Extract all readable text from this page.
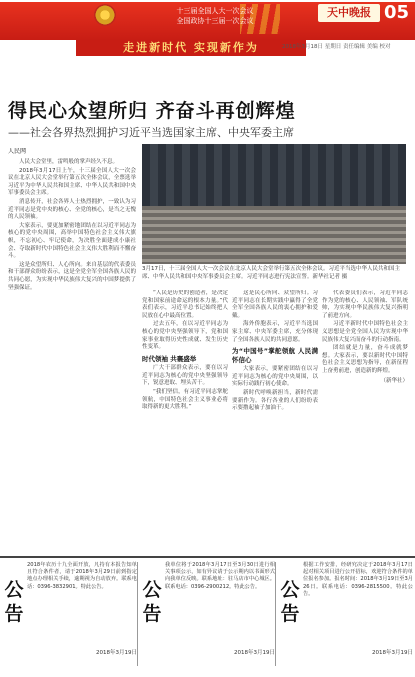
十三届全国人大一次会议
全国政协十三届一次会议
天中晚报 05
走进新时代 实现新作为	2018年3月18日 星期日 责任编辑 美编 校对
得民心众望所归 齐奋斗再创辉煌
——社会各界热烈拥护习近平当选国家主席、中央军委主席
3月17日，十三届全国人大一次会议在北京人民大会堂举行第五次全体会议。习近平当选中华人民共和国主席、中华人民共和国中央军事委员会主席。习近平同志进行宪法宣誓。新华社记者 摄
人民网

人民大会堂里，雷鸣般的掌声经久不息。

2018年3月17日上午，十三届全国人大一次会议在北京人民大会堂举行第五次全体会议，全票选举习近平为中华人民共和国主席、中华人民共和国中央军事委员会主席。

消息传开，社会各界人士热烈拥护，一致认为习近平同志是党中央的核心、全党的核心，是当之无愧的人民领袖。

大家表示，要更加紧密地团结在以习近平同志为核心的党中央周围，高举中国特色社会主义伟大旗帜，不忘初心、牢记使命，为决胜全面建成小康社会、夺取新时代中国特色社会主义伟大胜利而不懈奋斗。

这是众望所归、人心所向。来自基层的代表委员和干部群众纷纷表示，这是全党全军全国各族人民的共同心愿，为实现中华民族伟大复兴的中国梦提供了坚强保证。

“人民是历史的创造者，是决定党和国家前途命运的根本力量。”代表们表示，习近平总书记始终把人民放在心中最高位置。

过去五年，在以习近平同志为核心的党中央坚强领导下，党和国家事业取得历史性成就、发生历史性变革。

时代领袖 共襄盛举

广大干部群众表示，要在以习近平同志为核心的党中央坚强领导下，锐意进取、埋头苦干。

“我们坚信，有习近平同志掌舵领航，中国特色社会主义事业必将取得新的更大胜利。”

这是民心所向、众望所归。习近平同志在长期实践中赢得了全党全军全国各族人民的衷心拥护和爱戴。

海外侨胞表示，习近平当选国家主席、中央军委主席，充分体现了全国各族人民的共同意愿。

为“中国号”掌舵领航 人民满怀信心

大家表示，要紧密团结在以习近平同志为核心的党中央周围，以实际行动践行初心使命。

新时代呼唤新担当，新时代需要新作为。各行各业的人们纷纷表示要撸起袖子加油干。

代表委员们表示，习近平同志作为党的核心、人民领袖、军队统帅，为实现中华民族伟大复兴指明了前进方向。

习近平新时代中国特色社会主义思想是全党全国人民为实现中华民族伟大复兴而奋斗的行动指南。

团结就是力量，奋斗成就梦想。大家表示，要以新时代中国特色社会主义思想为指导，在新征程上奋勇前进，创造新的辉煌。

（新华社）
公告
2018年农历十九全面开放，凡持有本报告知单且符合条件者，请于2018年3月29日前到指定地点办理相关手续，逾期视为自动放弃。联系电话：0396-3832901。特此公告。
2018年3月19日
公告
我单位将于2018年3月17日至3月30日进行相关事项公示，如有异议请于公示期内以书面形式向我单位反映。联系地址：驻马店市中心城区。联系电话：0396-2900212。特此公告。
2018年3月19日
公告
根据工作安排，经研究决定于2018年3月17日起对相关项目进行公开招标，欢迎符合条件的单位报名参加。报名时间：2018年3月19日至3月26日。联系电话：0396-2815500。特此公告。
2018年3月19日
